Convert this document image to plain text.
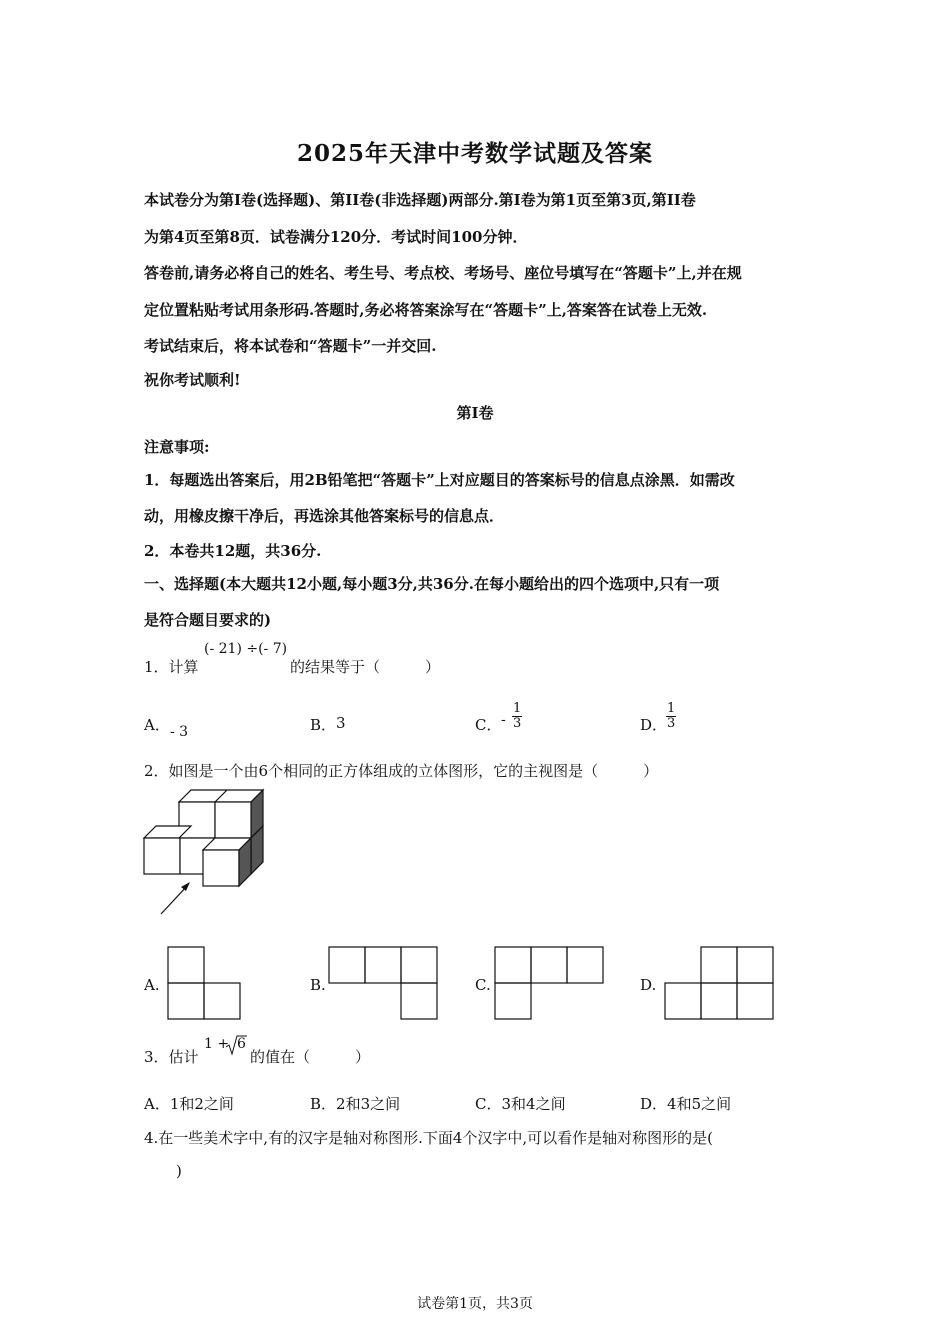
2025年天津中考数学试题及答案
本试卷分为第Ⅰ卷(选择题)、第II卷(非选择题)两部分.第Ⅰ卷为第1页至第3页,第II卷
为第4页至第8页．试卷满分120分．考试时间100分钟．
答卷前,请务必将自己的姓名、考生号、考点校、考场号、座位号填写在“答题卡”上,并在规
定位置粘贴考试用条形码.答题时,务必将答案涂写在“答题卡”上,答案答在试卷上无效.
考试结束后，将本试卷和“答题卡”一并交回.
祝你考试顺利!
第Ⅰ卷
注意事项:
1．每题选出答案后，用2B铅笔把“答题卡”上对应题目的答案标号的信息点涂黑．如需改
动，用橡皮擦干净后，再选涂其他答案标号的信息点．
2．本卷共12题，共36分.
一、选择题(本大题共12小题,每小题3分,共36分.在每小题给出的四个选项中,只有一项
是符合题目要求的)
1．计算
(- 21) ÷(- 7)
的结果等于（　　　）
A． - 3	B． 3	C． - $\frac{1}{3}$	D．
$\frac{1}{3}$
2．如图是一个由6个相同的正方体组成的立体图形，它的主视图是（　　　）
A.	B.	C.	D.
3．估计
1 + 6
的值在（　　　）
A．1和2之间	B．2和3之间	C．3和4之间	D．4和5之间
4.在一些美术字中,有的汉字是轴对称图形.下面4个汉字中,可以看作是轴对称图形的是(
)
试卷第1页，共3页
